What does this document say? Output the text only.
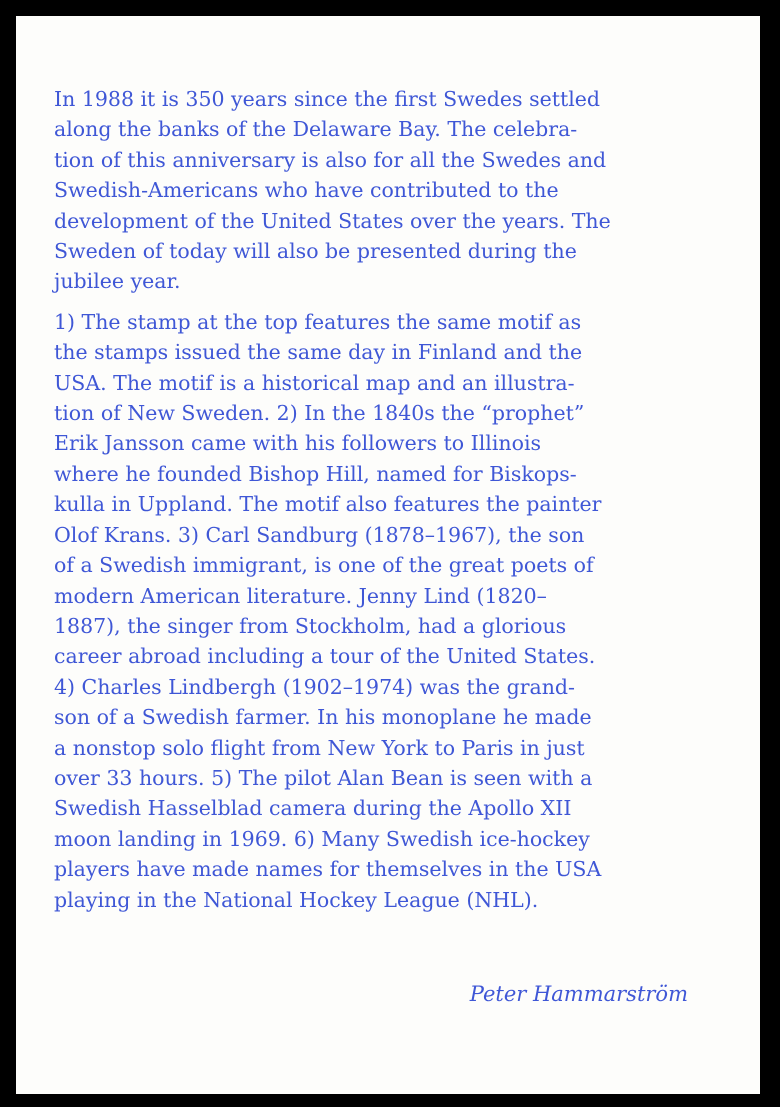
In 1988 it is 350 years since the first Swedes settled
along the banks of the Delaware Bay. The celebra-
tion of this anniversary is also for all the Swedes and
Swedish-Americans who have contributed to the
development of the United States over the years. The
Sweden of today will also be presented during the
jubilee year.

1) The stamp at the top features the same motif as
the stamps issued the same day in Finland and the
USA. The motif is a historical map and an illustra-
tion of New Sweden. 2) In the 1840s the “prophet”
Erik Jansson came with his followers to Illinois
where he founded Bishop Hill, named for Biskops-
kulla in Uppland. The motif also features the painter
Olof Krans. 3) Carl Sandburg (1878–1967), the son
of a Swedish immigrant, is one of the great poets of
modern American literature. Jenny Lind (1820–
1887), the singer from Stockholm, had a glorious
career abroad including a tour of the United States.
4) Charles Lindbergh (1902–1974) was the grand-
son of a Swedish farmer. In his monoplane he made
a nonstop solo flight from New York to Paris in just
over 33 hours. 5) The pilot Alan Bean is seen with a
Swedish Hasselblad camera during the Apollo XII
moon landing in 1969. 6) Many Swedish ice-hockey
players have made names for themselves in the USA
playing in the National Hockey League (NHL).

Peter Hammarström
